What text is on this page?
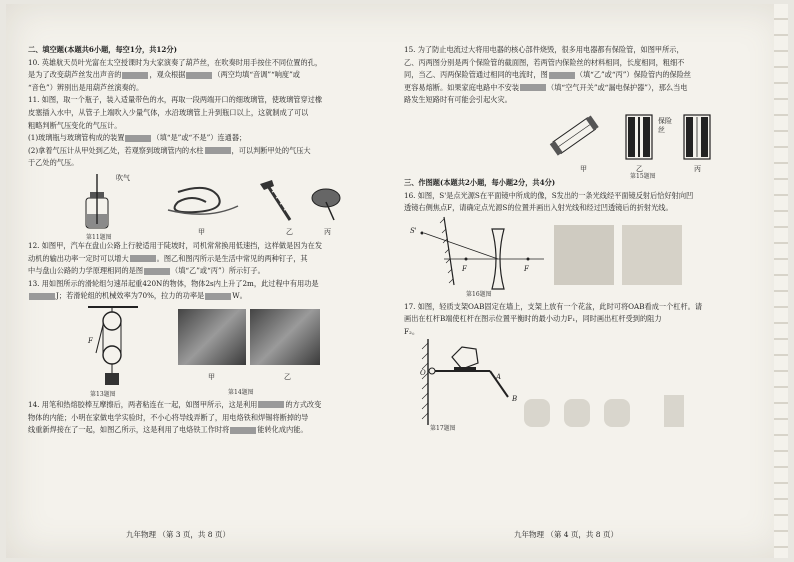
二、填空题(本题共6小题，每空1分，共12分)

10. 英雄航天员叶光富在太空授课时为大家演奏了葫芦丝，在吹奏时用手按住不同位置的孔，

是为了改变葫芦丝发出声音的	，观众根据	（两空均填“音调”“响度”或

“音色”）辨别出是用葫芦丝演奏的。

11. 如图，取一个瓶子，装入适量带色的水，再取一段两端开口的细玻璃管，使玻璃管穿过橡

皮塞插入水中，从管子上端吹入少量气体，水沿玻璃管上升到瓶口以上，这就制成了可以

粗略判断气压变化的气压计。

(1)玻璃瓶与玻璃管构成的装置	（填“是”或“不是”）连通器；

(2)拿着气压计从甲处到乙处，若观察到玻璃管内的水柱	，可以判断甲处的气压大

于乙处的气压。

吹气
第11题图
甲	乙	丙

12. 如图甲，汽车在盘山公路上行驶适用于陡坡时，司机常常换用低速挡，这样做是因为在发

动机的输出功率一定时可以增大	。图乙和图丙所示是生活中常见的两种钉子，其

中与盘山公路的力学原理相同的是图	（填“乙”或“丙”）所示钉子。

13. 用如图所示的滑轮组匀速吊起重420N的物体，物体2s内上升了2m，此过程中有用功是

J；若滑轮组的机械效率为70%，拉力的功率是	W。

F
第13题图
甲	乙
第14题图

14. 用笔和热熔胶棒互摩擦后，两者粘连在一起，如图甲所示，这是利用	的方式改变

物体的内能；小明在家做电学实验时，不小心将导线弄断了，用电烙铁和焊锡将断掉的导

线重新焊接在了一起，如图乙所示，这是利用了电烙铁工作时将	能转化成内能。

九年物理 （第 3 页，共 8 页）

15. 为了防止电流过大将用电器的核心部件烧毁，很多用电器都有保险管，如图甲所示，

乙、丙两图分别是两个保险管的截面图，若两管内保险丝的材料相同，长度相同，粗细不

同，当乙、丙两保险管通过相同的电流时，图	（填“乙”或“丙”）保险管内的保险丝

更容易熔断。如果家庭电路中不安装	（填“空气开关”或“漏电保护器”），那么当电

路发生短路时有可能会引起火灾。

保险丝
甲	乙	丙
第15题图

三、作图题(本题共2小题，每小题2分，共4分)

16. 如图，S'是点光源S在平面镜中所成的像，S发出的一条光线经平面镜反射后恰好射向凹

透镜右侧焦点F，请确定点光源S的位置并画出入射光线和经过凹透镜后的折射光线。

S'
F	F
第16题图

17. 如图，轻质支架OAB固定在墙上，支架上放有一个花盆，此时可将OAB看成一个杠杆。请

画出在杠杆B端使杠杆在图示位置平衡时的最小动力F₁，同时画出杠杆受到的阻力

F₂。

O	A
B
第17题图
九年物理 （第 4 页，共 8 页）
